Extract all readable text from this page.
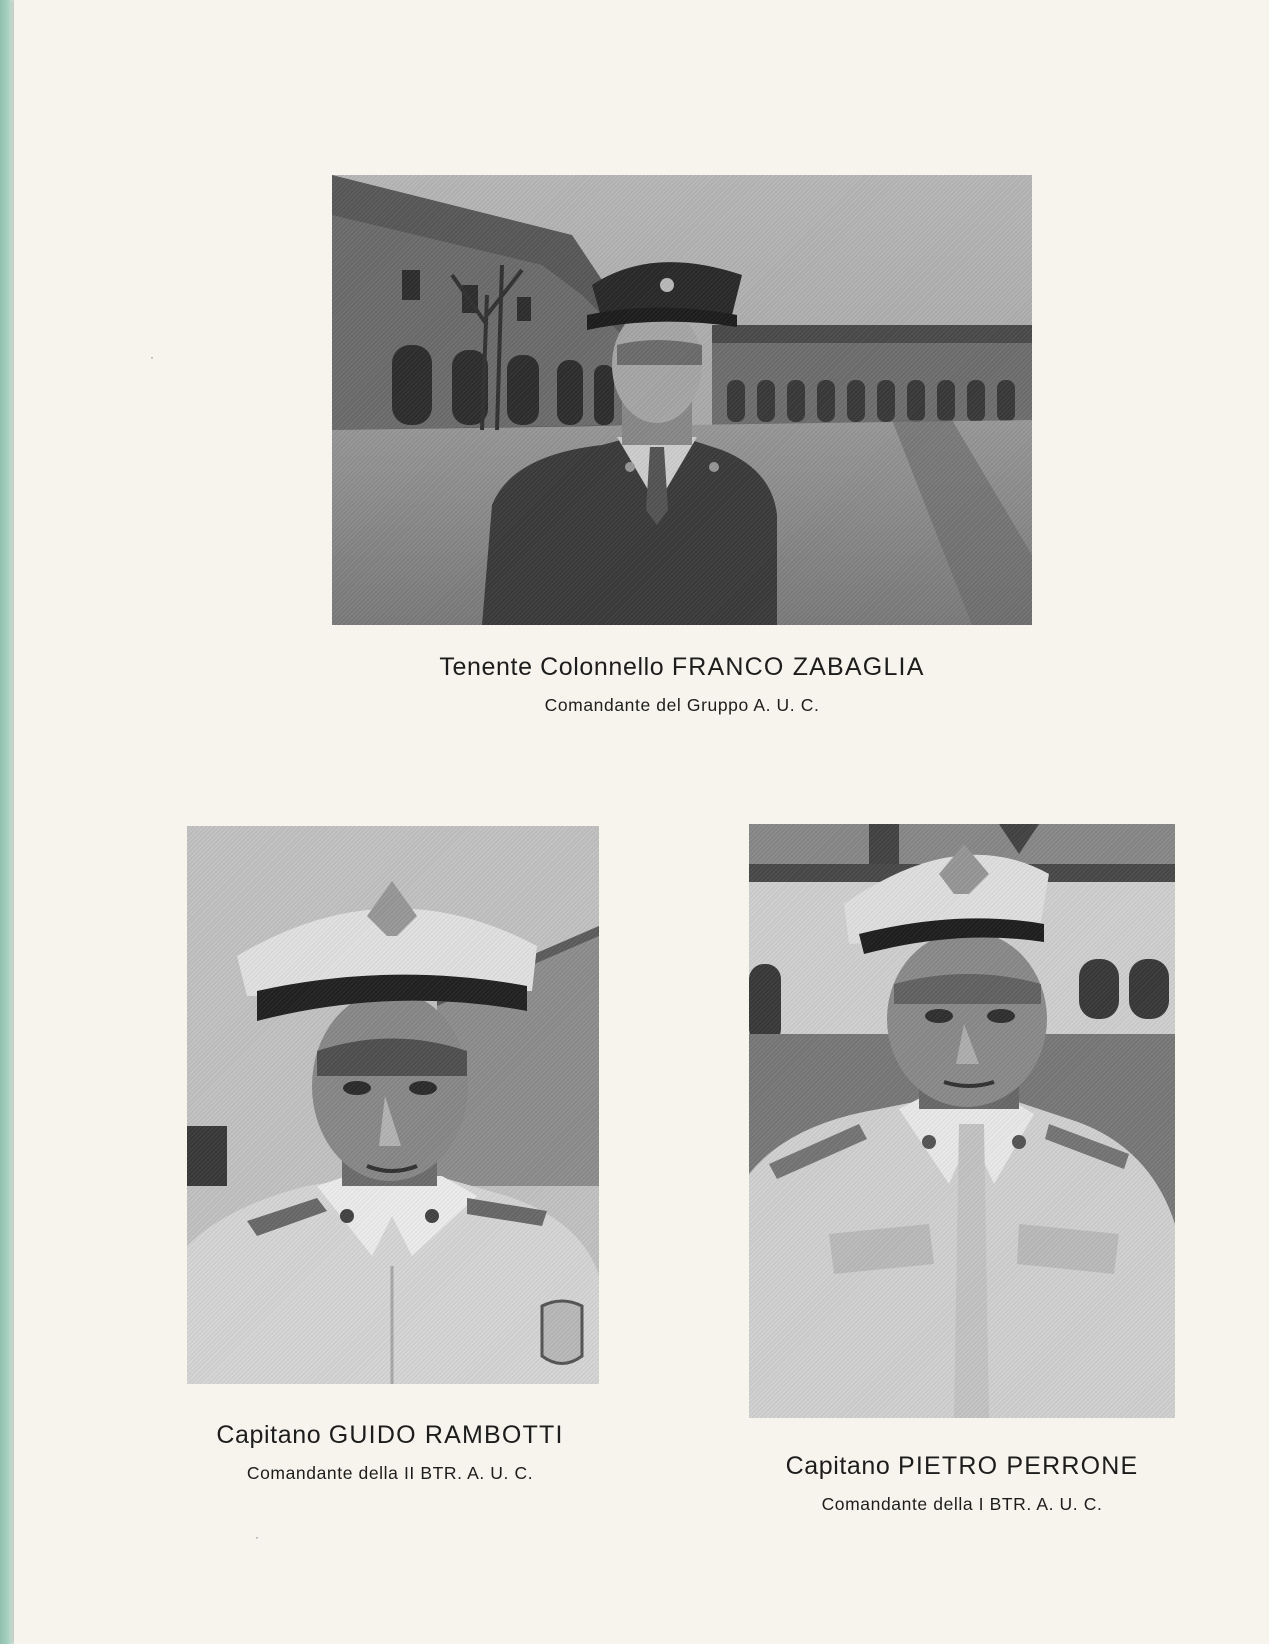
Tenente Colonnello FRANCO ZABAGLIA
Comandante del Gruppo A. U. C.
Capitano GUIDO RAMBOTTI
Comandante della II BTR. A. U. C.	Capitano PIETRO PERRONE
Comandante della I BTR. A. U. C.
·
·
